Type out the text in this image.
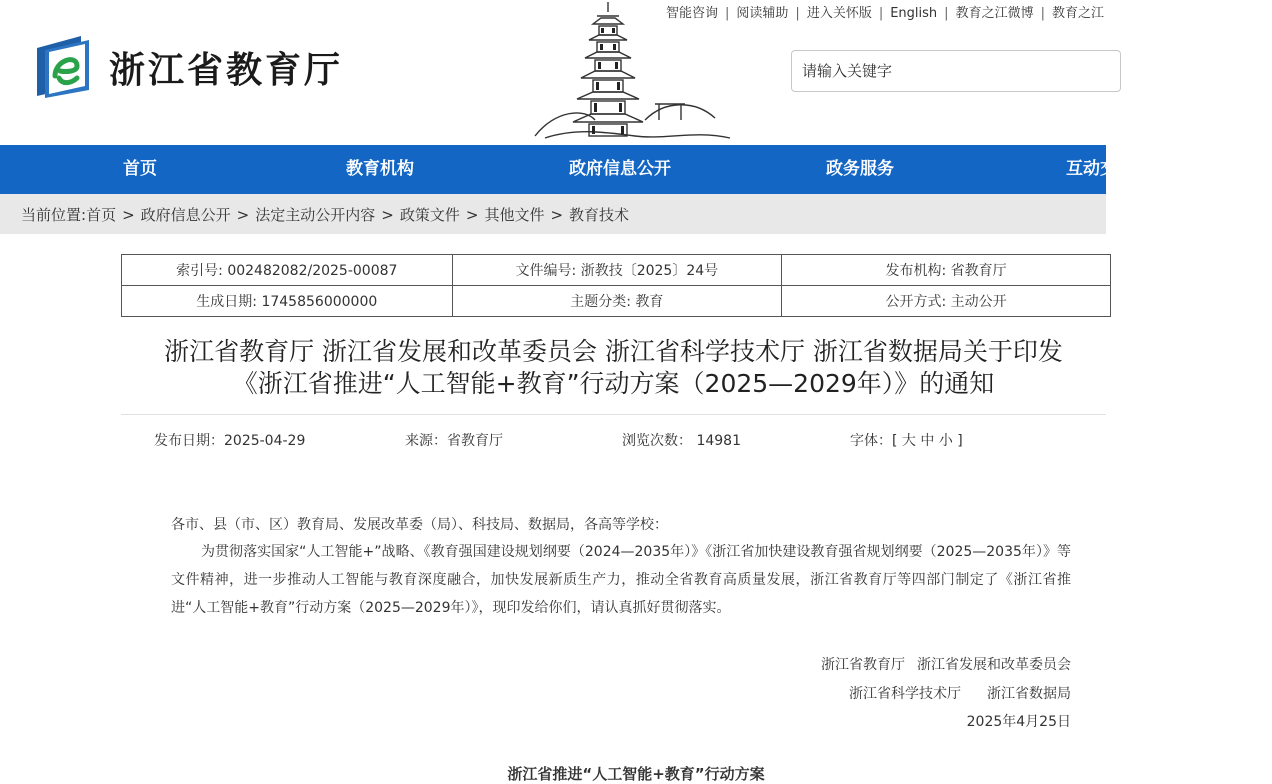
智能咨询 | 阅读辅助 | 进入关怀版 | English | 教育之江微博 | 教育之江
浙江省教育厅
请输入关键字
首页	教育机构	政府信息公开	政务服务	互动交流
当前位置:首页 > 政府信息公开 > 法定主动公开内容 > 政策文件 > 其他文件 > 教育技术
索引号: 002482082/2025-00087	文件编号: 浙教技〔2025〕24号	发布机构: 省教育厅
生成日期: 1745856000000	主题分类: 教育	公开方式: 主动公开
浙江省教育厅 浙江省发展和改革委员会 浙江省科学技术厅 浙江省数据局关于印发
《浙江省推进“人工智能+教育”行动方案（2025—2029年）》的通知
发布日期：2025-04-29	来源：省教育厅	浏览次数： 14981	字体：[ 大 中 小 ]
各市、县（市、区）教育局、发展改革委（局）、科技局、数据局，各高等学校：
为贯彻落实国家“人工智能+”战略、《教育强国建设规划纲要（2024—2035年）》《浙江省加快建设教育强省规划纲要（2025—2035年）》等文件精神，进一步推动人工智能与教育深度融合，加快发展新质生产力，推动全省教育高质量发展，浙江省教育厅等四部门制定了《浙江省推进“人工智能+教育”行动方案（2025—2029年）》，现印发给你们，请认真抓好贯彻落实。
浙江省教育厅 浙江省发展和改革委员会
浙江省科学技术厅 浙江省数据局
2025年4月25日
浙江省推进“人工智能+教育”行动方案
